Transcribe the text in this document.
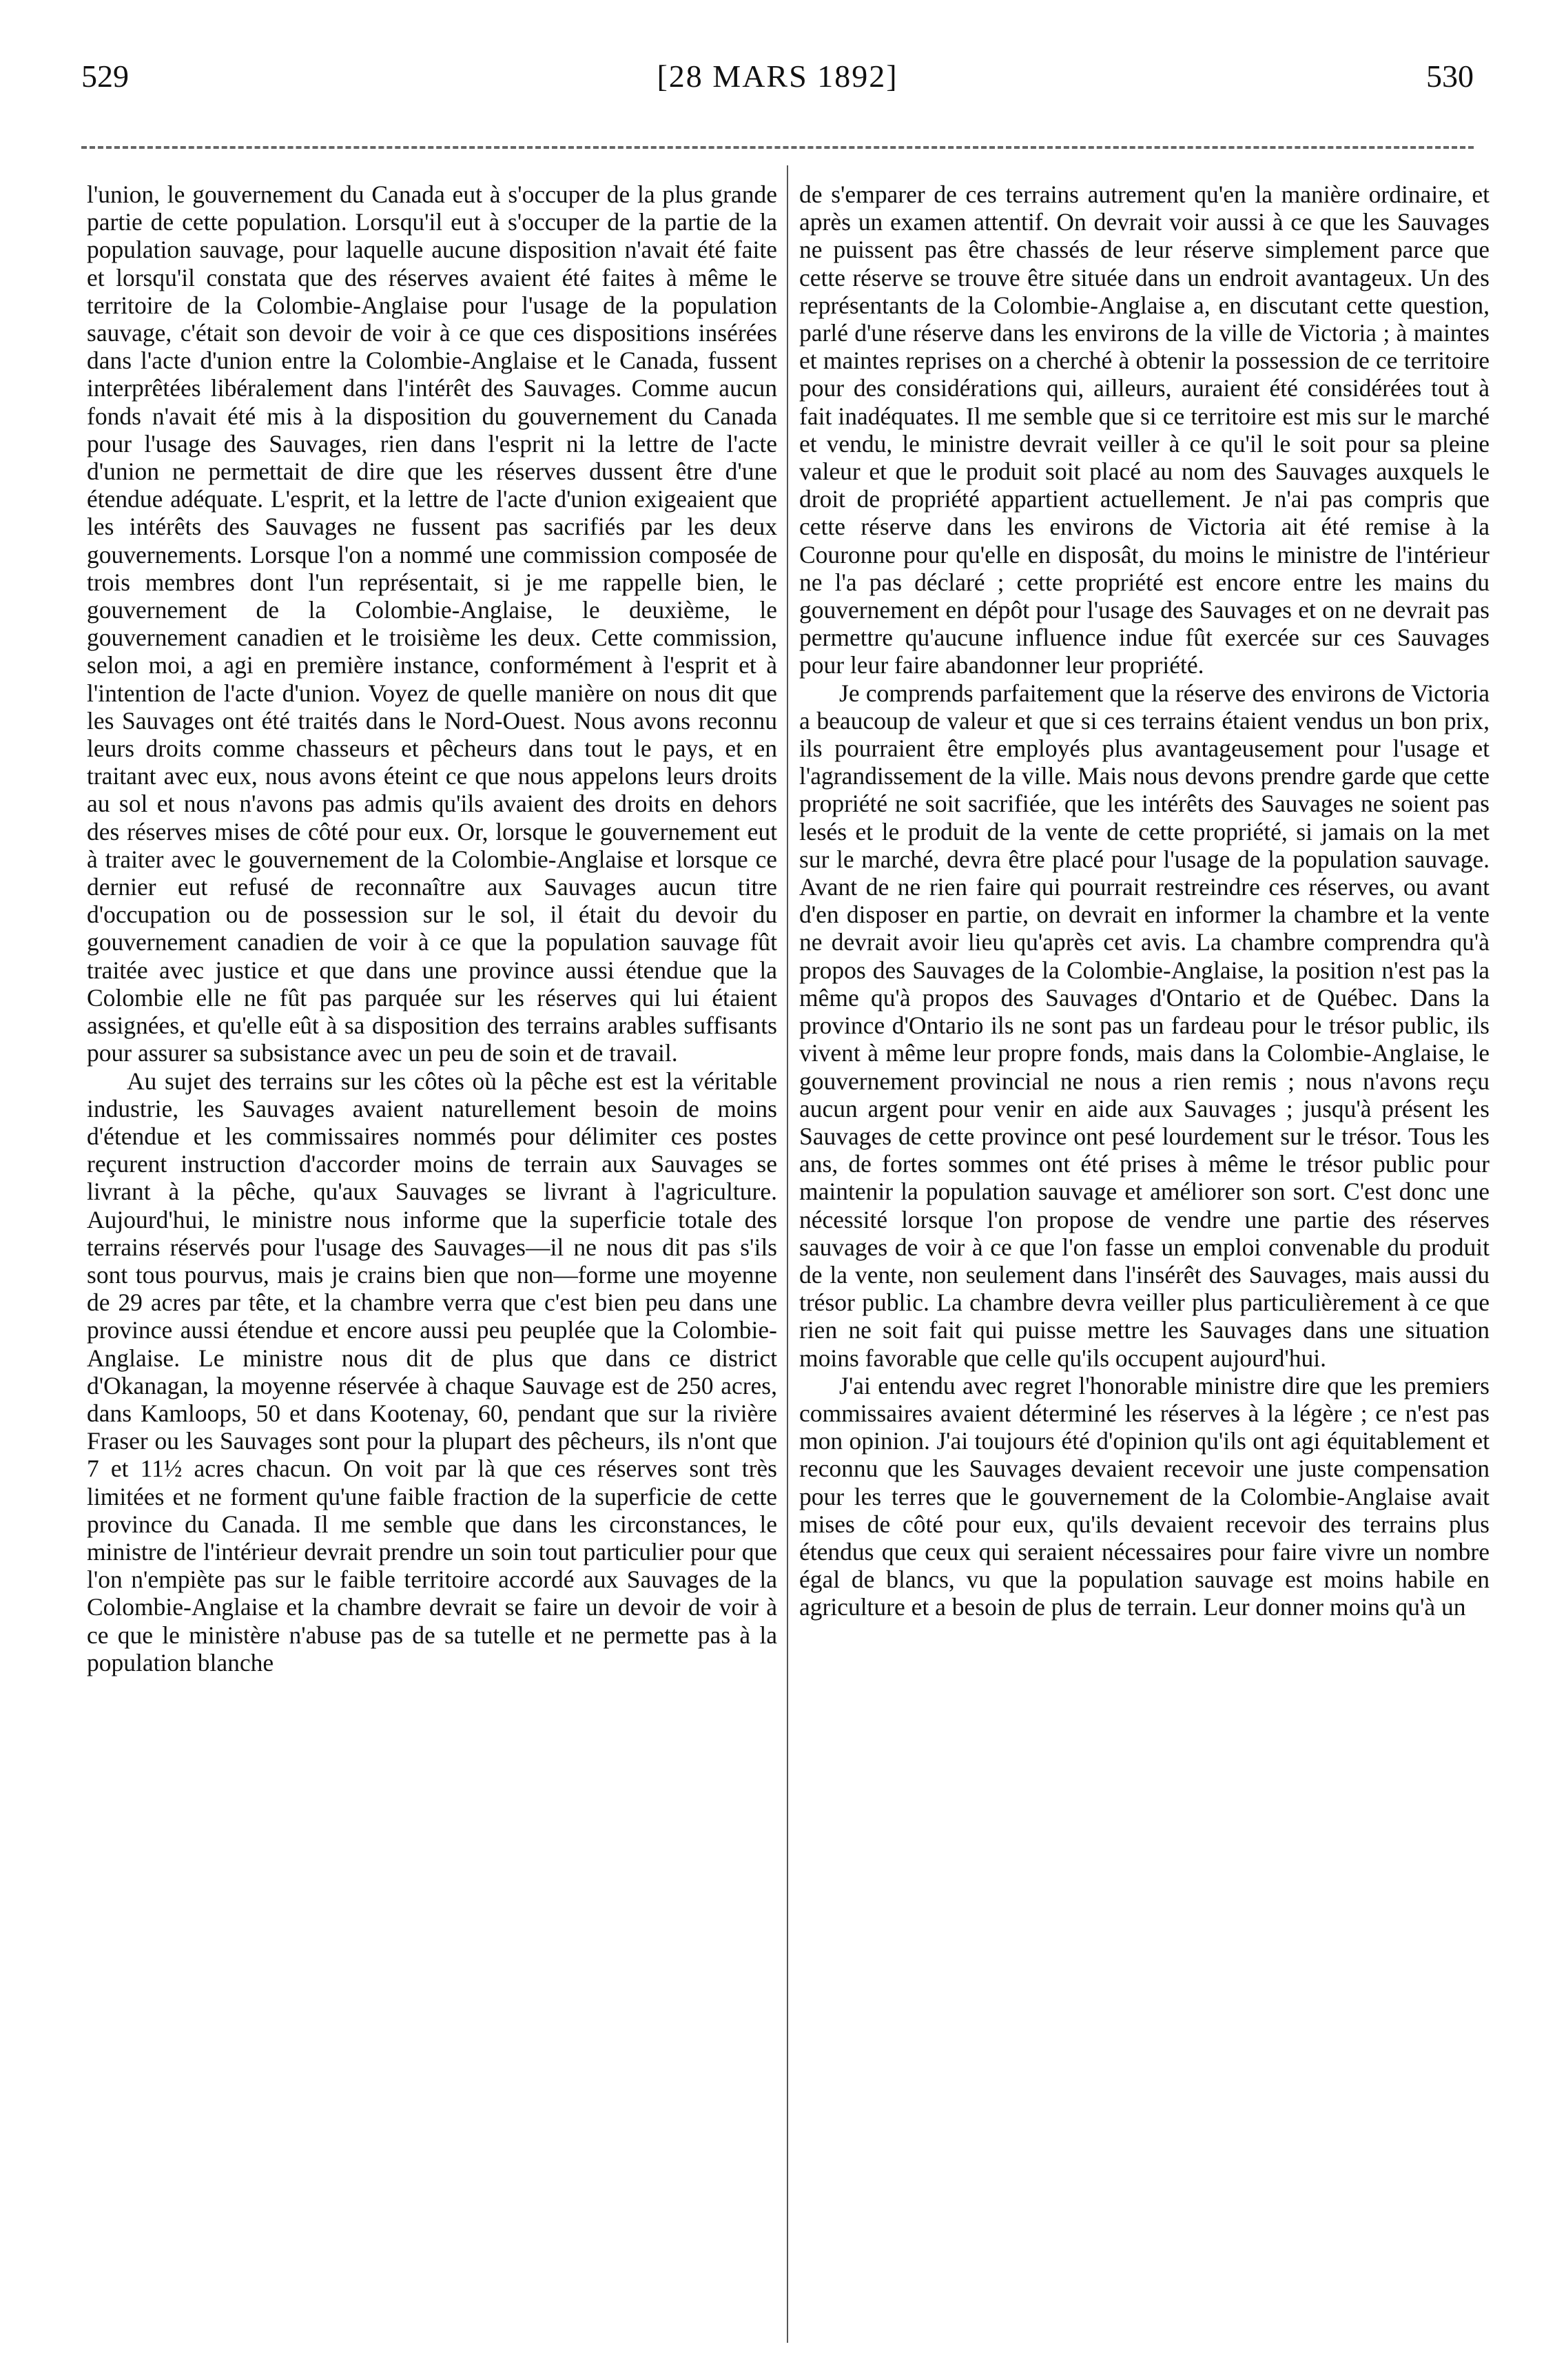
529	[28 MARS 1892]	530

l'union, le gouvernement du Canada eut à s'occuper de la plus grande partie de cette population. Lorsqu'il eut à s'occuper de la partie de la population sauvage, pour laquelle aucune disposition n'avait été faite et lorsqu'il constata que des réserves avaient été faites à même le territoire de la Colombie-Anglaise pour l'usage de la population sauvage, c'était son devoir de voir à ce que ces dispositions insérées dans l'acte d'union entre la Colombie-Anglaise et le Canada, fussent interprêtées libéralement dans l'intérêt des Sauvages. Comme aucun fonds n'avait été mis à la disposition du gouvernement du Canada pour l'usage des Sauvages, rien dans l'esprit ni la lettre de l'acte d'union ne permettait de dire que les réserves dussent être d'une étendue adéquate. L'esprit, et la lettre de l'acte d'union exigeaient que les intérêts des Sauvages ne fussent pas sacrifiés par les deux gouvernements. Lorsque l'on a nommé une commission composée de trois membres dont l'un représentait, si je me rappelle bien, le gouvernement de la Colombie-Anglaise, le deuxième, le gouvernement canadien et le troisième les deux. Cette commission, selon moi, a agi en première instance, conformément à l'esprit et à l'intention de l'acte d'union. Voyez de quelle manière on nous dit que les Sauvages ont été traités dans le Nord-Ouest. Nous avons reconnu leurs droits comme chasseurs et pêcheurs dans tout le pays, et en traitant avec eux, nous avons éteint ce que nous appelons leurs droits au sol et nous n'avons pas admis qu'ils avaient des droits en dehors des réserves mises de côté pour eux. Or, lorsque le gouvernement eut à traiter avec le gouvernement de la Colombie-Anglaise et lorsque ce dernier eut refusé de reconnaître aux Sauvages aucun titre d'occupation ou de possession sur le sol, il était du devoir du gouvernement canadien de voir à ce que la population sauvage fût traitée avec justice et que dans une province aussi étendue que la Colombie elle ne fût pas parquée sur les réserves qui lui étaient assignées, et qu'elle eût à sa disposition des terrains arables suffisants pour assurer sa subsistance avec un peu de soin et de travail.

Au sujet des terrains sur les côtes où la pêche est est la véritable industrie, les Sauvages avaient naturellement besoin de moins d'étendue et les commissaires nommés pour délimiter ces postes reçurent instruction d'accorder moins de terrain aux Sauvages se livrant à la pêche, qu'aux Sauvages se livrant à l'agriculture. Aujourd'hui, le ministre nous informe que la superficie totale des terrains réservés pour l'usage des Sauvages—il ne nous dit pas s'ils sont tous pourvus, mais je crains bien que non—forme une moyenne de 29 acres par tête, et la chambre verra que c'est bien peu dans une province aussi étendue et encore aussi peu peuplée que la Colombie-Anglaise. Le ministre nous dit de plus que dans ce district d'Okanagan, la moyenne réservée à chaque Sauvage est de 250 acres, dans Kamloops, 50 et dans Kootenay, 60, pendant que sur la rivière Fraser ou les Sauvages sont pour la plupart des pêcheurs, ils n'ont que 7 et 11½ acres chacun. On voit par là que ces réserves sont très limitées et ne forment qu'une faible fraction de la superficie de cette province du Canada. Il me semble que dans les circonstances, le ministre de l'intérieur devrait prendre un soin tout particulier pour que l'on n'empiète pas sur le faible territoire accordé aux Sauvages de la Colombie-Anglaise et la chambre devrait se faire un devoir de voir à ce que le ministère n'abuse pas de sa tutelle et ne permette pas à la population blanche

de s'emparer de ces terrains autrement qu'en la manière ordinaire, et après un examen attentif. On devrait voir aussi à ce que les Sauvages ne puissent pas être chassés de leur réserve simplement parce que cette réserve se trouve être située dans un endroit avantageux. Un des représentants de la Colombie-Anglaise a, en discutant cette question, parlé d'une réserve dans les environs de la ville de Victoria ; à maintes et maintes reprises on a cherché à obtenir la possession de ce territoire pour des considérations qui, ailleurs, auraient été considérées tout à fait inadéquates. Il me semble que si ce territoire est mis sur le marché et vendu, le ministre devrait veiller à ce qu'il le soit pour sa pleine valeur et que le produit soit placé au nom des Sauvages auxquels le droit de propriété appartient actuellement. Je n'ai pas compris que cette réserve dans les environs de Victoria ait été remise à la Couronne pour qu'elle en disposât, du moins le ministre de l'intérieur ne l'a pas déclaré ; cette propriété est encore entre les mains du gouvernement en dépôt pour l'usage des Sauvages et on ne devrait pas permettre qu'aucune influence indue fût exercée sur ces Sauvages pour leur faire abandonner leur propriété.

Je comprends parfaitement que la réserve des environs de Victoria a beaucoup de valeur et que si ces terrains étaient vendus un bon prix, ils pourraient être employés plus avantageusement pour l'usage et l'agrandissement de la ville. Mais nous devons prendre garde que cette propriété ne soit sacrifiée, que les intérêts des Sauvages ne soient pas lesés et le produit de la vente de cette propriété, si jamais on la met sur le marché, devra être placé pour l'usage de la population sauvage. Avant de ne rien faire qui pourrait restreindre ces réserves, ou avant d'en disposer en partie, on devrait en informer la chambre et la vente ne devrait avoir lieu qu'après cet avis. La chambre comprendra qu'à propos des Sauvages de la Colombie-Anglaise, la position n'est pas la même qu'à propos des Sauvages d'Ontario et de Québec. Dans la province d'Ontario ils ne sont pas un fardeau pour le trésor public, ils vivent à même leur propre fonds, mais dans la Colombie-Anglaise, le gouvernement provincial ne nous a rien remis ; nous n'avons reçu aucun argent pour venir en aide aux Sauvages ; jusqu'à présent les Sauvages de cette province ont pesé lourdement sur le trésor. Tous les ans, de fortes sommes ont été prises à même le trésor public pour maintenir la population sauvage et améliorer son sort. C'est donc une nécessité lorsque l'on propose de vendre une partie des réserves sauvages de voir à ce que l'on fasse un emploi convenable du produit de la vente, non seulement dans l'insérêt des Sauvages, mais aussi du trésor public. La chambre devra veiller plus particulièrement à ce que rien ne soit fait qui puisse mettre les Sauvages dans une situation moins favorable que celle qu'ils occupent aujourd'hui.

J'ai entendu avec regret l'honorable ministre dire que les premiers commissaires avaient déterminé les réserves à la légère ; ce n'est pas mon opinion. J'ai toujours été d'opinion qu'ils ont agi équitablement et reconnu que les Sauvages devaient recevoir une juste compensation pour les terres que le gouvernement de la Colombie-Anglaise avait mises de côté pour eux, qu'ils devaient recevoir des terrains plus étendus que ceux qui seraient nécessaires pour faire vivre un nombre égal de blancs, vu que la population sauvage est moins habile en agriculture et a besoin de plus de terrain. Leur donner moins qu'à un
